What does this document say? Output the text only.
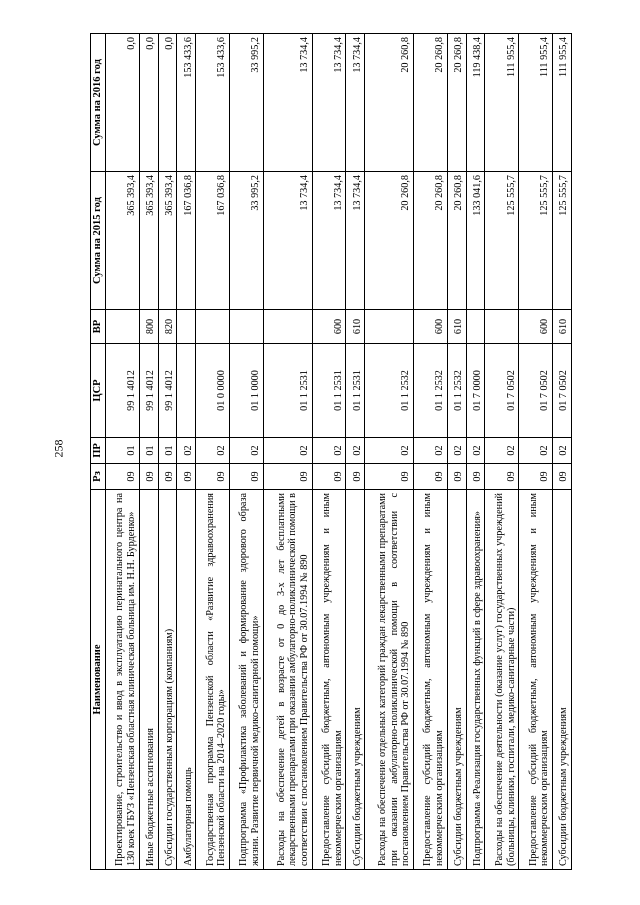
258
Наименование	Рз	ПР	ЦСР	ВР	Сумма на 2015 год	Сумма на 2016 год
Проектирование, строительство и ввод в эксплуатацию перинатального центра на 130 коек ГБУЗ «Пензенская областная клиническая больница им. Н.Н. Бурденко»	09	01	99 1 4012		365 393,4	0,0
Иные бюджетные ассигнования	09	01	99 1 4012	800	365 393,4	0,0
Субсидии государственным корпорациям (компаниям)	09	01	99 1 4012	820	365 393,4	0,0
Амбулаторная помощь	09	02			167 036,8	153 433,6
Государственная программа Пензенской области «Развитие здравоохранения Пензенской области на 2014–2020 годы»	09	02	01 0 0000		167 036,8	153 433,6
Подпрограмма «Профилактика заболеваний и формирование здорового образа жизни. Развитие первичной медико-санитарной помощи»	09	02	01 1 0000		33 995,2	33 995,2
Расходы на обеспечение детей в возрасте от 0 до 3-х лет бесплатными лекарственными препаратами при оказании амбулаторно-поликлинической помощи в соответствии с постановлением Правительства РФ от 30.07.1994 № 890	09	02	01 1 2531		13 734,4	13 734,4
Предоставление субсидий бюджетным, автономным учреждениям и иным некоммерческим организациям	09	02	01 1 2531	600	13 734,4	13 734,4
Субсидии бюджетным учреждениям	09	02	01 1 2531	610	13 734,4	13 734,4
Расходы на обеспечение отдельных категорий граждан лекарственными препаратами при оказании амбулаторно-поликлинической помощи в соответствии с постановлением Правительства РФ от 30.07.1994 № 890	09	02	01 1 2532		20 260,8	20 260,8
Предоставление субсидий бюджетным, автономным учреждениям и иным некоммерческим организациям	09	02	01 1 2532	600	20 260,8	20 260,8
Субсидии бюджетным учреждениям	09	02	01 1 2532	610	20 260,8	20 260,8
Подпрограмма «Реализация государственных функций в сфере здравоохранения»	09	02	01 7 0000		133 041,6	119 438,4
Расходы на обеспечение деятельности (оказание услуг) государственных учреждений (больницы, клиники, госпитали, медико-санитарные части)	09	02	01 7 0502		125 555,7	111 955,4
Предоставление субсидий бюджетным, автономным учреждениям и иным некоммерческим организациям	09	02	01 7 0502	600	125 555,7	111 955,4
Субсидии бюджетным учреждениям	09	02	01 7 0502	610	125 555,7	111 955,4
